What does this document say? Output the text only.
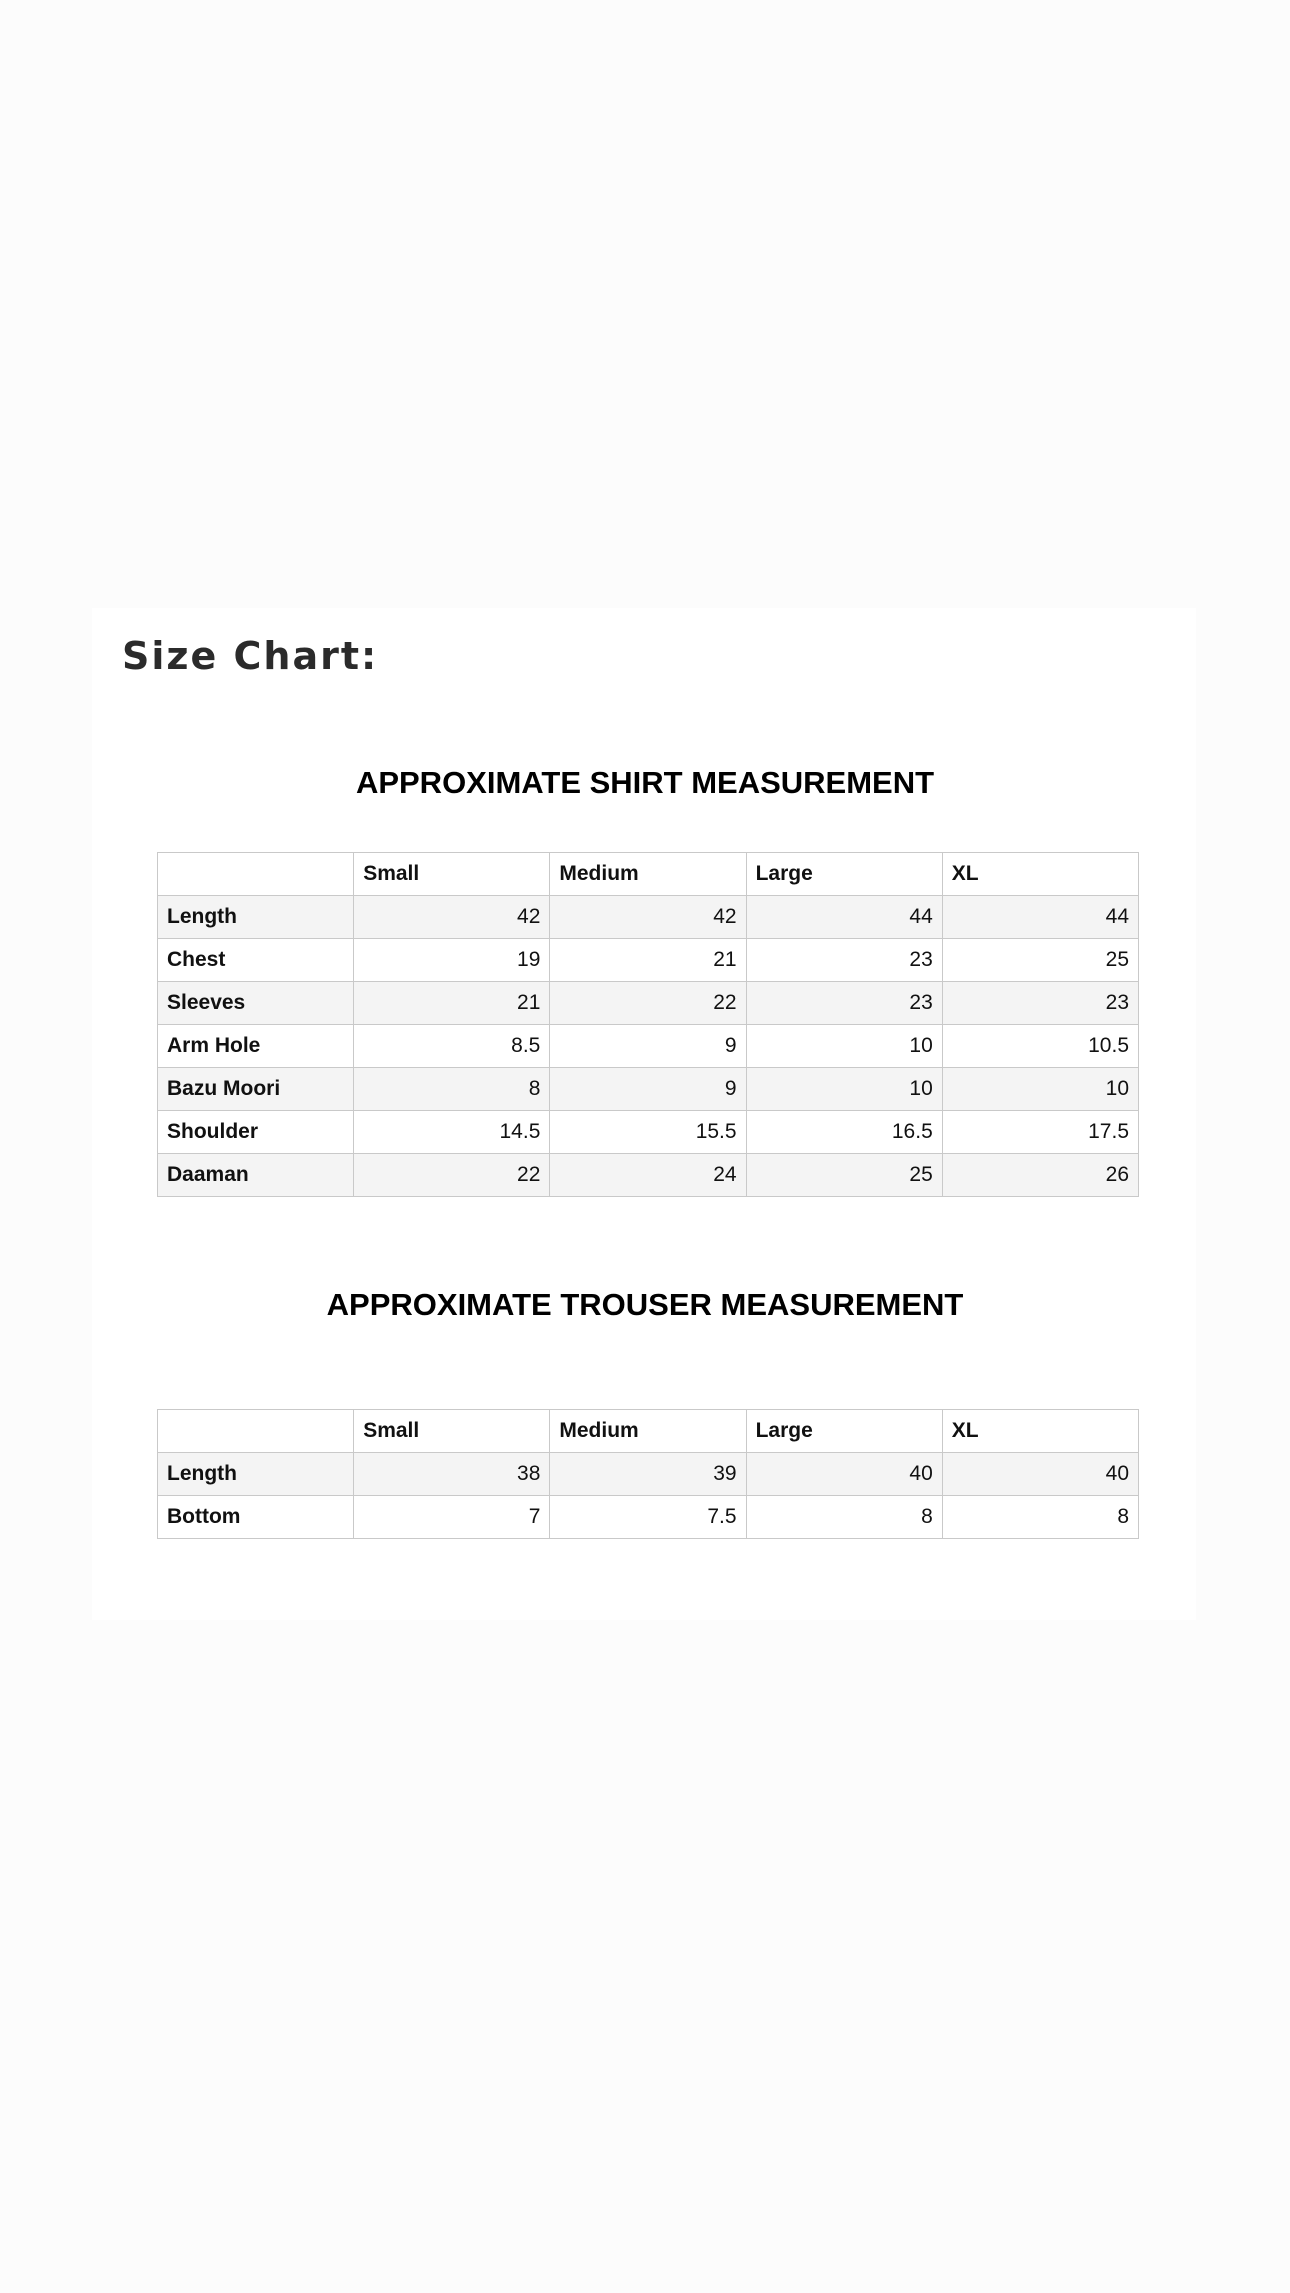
Size Chart:
APPROXIMATE SHIRT MEASUREMENT
	Small	Medium	Large	XL
Length	42	42	44	44
Chest	19	21	23	25
Sleeves	21	22	23	23
Arm Hole	8.5	9	10	10.5
Bazu Moori	8	9	10	10
Shoulder	14.5	15.5	16.5	17.5
Daaman	22	24	25	26
APPROXIMATE TROUSER MEASUREMENT
	Small	Medium	Large	XL
Length	38	39	40	40
Bottom	7	7.5	8	8
